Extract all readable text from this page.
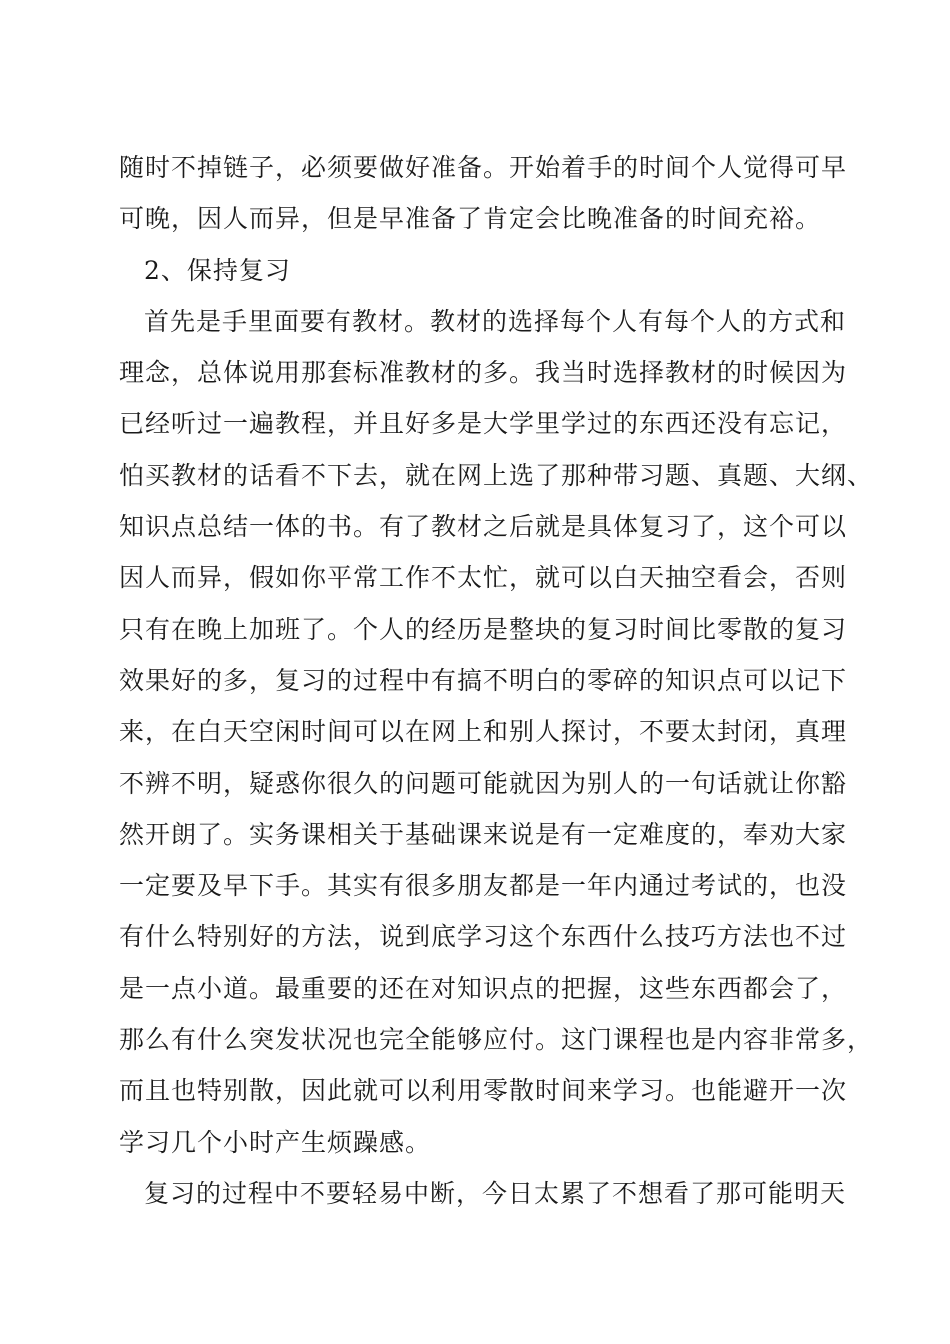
随时不掉链子，必须要做好准备。开始着手的时间个人觉得可早
可晚，因人而异，但是早准备了肯定会比晚准备的时间充裕。
2、保持复习
首先是手里面要有教材。教材的选择每个人有每个人的方式和
理念，总体说用那套标准教材的多。我当时选择教材的时候因为
已经听过一遍教程，并且好多是大学里学过的东西还没有忘记，
怕买教材的话看不下去，就在网上选了那种带习题、真题、大纲、
知识点总结一体的书。有了教材之后就是具体复习了，这个可以
因人而异，假如你平常工作不太忙，就可以白天抽空看会，否则
只有在晚上加班了。个人的经历是整块的复习时间比零散的复习
效果好的多，复习的过程中有搞不明白的零碎的知识点可以记下
来，在白天空闲时间可以在网上和别人探讨，不要太封闭，真理
不辨不明，疑惑你很久的问题可能就因为别人的一句话就让你豁
然开朗了。实务课相关于基础课来说是有一定难度的，奉劝大家
一定要及早下手。其实有很多朋友都是一年内通过考试的，也没
有什么特别好的方法，说到底学习这个东西什么技巧方法也不过
是一点小道。最重要的还在对知识点的把握，这些东西都会了，
那么有什么突发状况也完全能够应付。这门课程也是内容非常多，
而且也特别散，因此就可以利用零散时间来学习。也能避开一次
学习几个小时产生烦躁感。
复习的过程中不要轻易中断，今日太累了不想看了那可能明天
